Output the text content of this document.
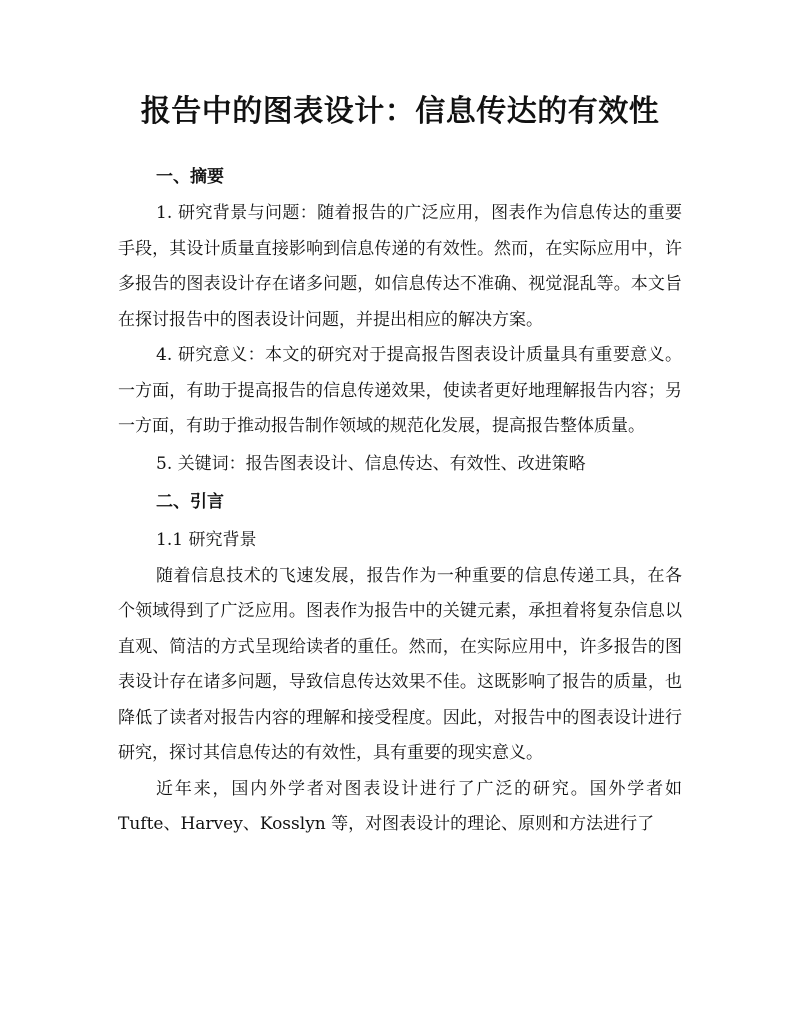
报告中的图表设计：信息传达的有效性
一、摘要

1. 研究背景与问题：随着报告的广泛应用，图表作为信息传达的重要手段，其设计质量直接影响到信息传递的有效性。然而，在实际应用中，许多报告的图表设计存在诸多问题，如信息传达不准确、视觉混乱等。本文旨在探讨报告中的图表设计问题，并提出相应的解决方案。

4. 研究意义：本文的研究对于提高报告图表设计质量具有重要意义。一方面，有助于提高报告的信息传递效果，使读者更好地理解报告内容；另一方面，有助于推动报告制作领域的规范化发展，提高报告整体质量。

5. 关键词：报告图表设计、信息传达、有效性、改进策略

二、引言

1.1 研究背景

随着信息技术的飞速发展，报告作为一种重要的信息传递工具，在各个领域得到了广泛应用。图表作为报告中的关键元素，承担着将复杂信息以直观、简洁的方式呈现给读者的重任。然而，在实际应用中，许多报告的图表设计存在诸多问题，导致信息传达效果不佳。这既影响了报告的质量，也降低了读者对报告内容的理解和接受程度。因此，对报告中的图表设计进行研究，探讨其信息传达的有效性，具有重要的现实意义。

近年来，国内外学者对图表设计进行了广泛的研究。国外学者如 Tufte、Harvey、Kosslyn 等，对图表设计的理论、原则和方法进行了
